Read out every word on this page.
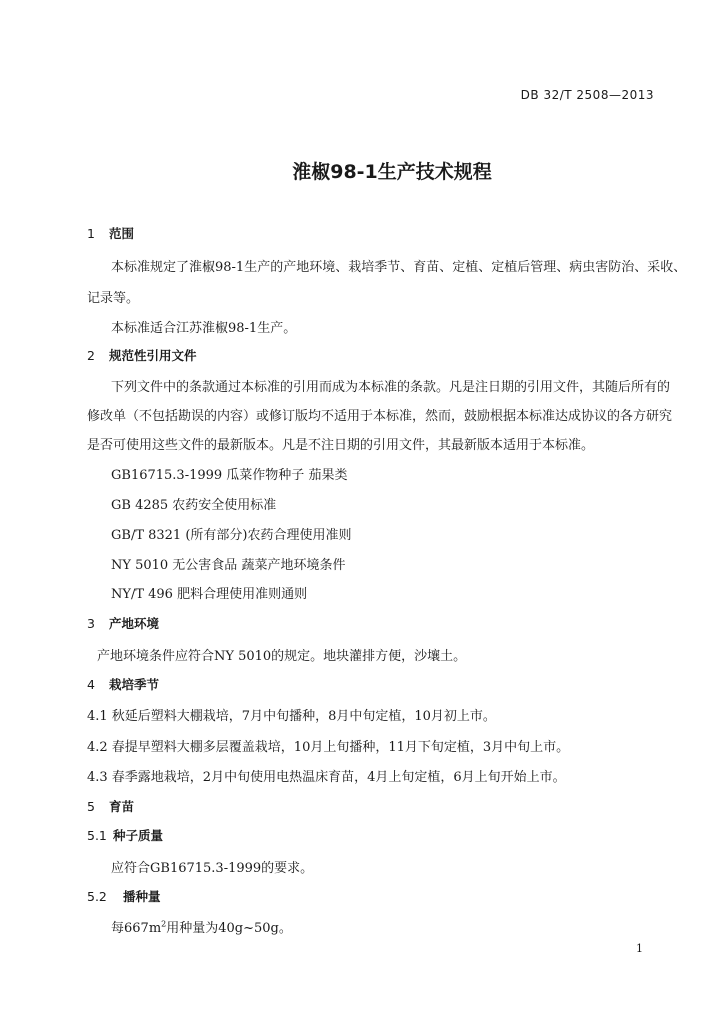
DB 32/T 2508—2013
淮椒98-1生产技术规程
1 范围
本标准规定了淮椒98-1生产的产地环境、栽培季节、育苗、定植、定植后管理、病虫害防治、采收、
记录等。
本标准适合江苏淮椒98-1生产。
2 规范性引用文件
下列文件中的条款通过本标准的引用而成为本标准的条款。凡是注日期的引用文件，其随后所有的
修改单（不包括勘误的内容）或修订版均不适用于本标准，然而，鼓励根据本标准达成协议的各方研究
是否可使用这些文件的最新版本。凡是不注日期的引用文件，其最新版本适用于本标准。
GB16715.3-1999 瓜菜作物种子 茄果类
GB 4285 农药安全使用标准
GB/T 8321 (所有部分)农药合理使用准则
NY 5010 无公害食品 蔬菜产地环境条件
NY/T 496 肥料合理使用准则通则
3 产地环境
产地环境条件应符合NY 5010的规定。地块灌排方便，沙壤土。
4 栽培季节
4.1 秋延后塑料大棚栽培，7月中旬播种，8月中旬定植，10月初上市。
4.2 春提早塑料大棚多层覆盖栽培，10月上旬播种，11月下旬定植，3月中旬上市。
4.3 春季露地栽培，2月中旬使用电热温床育苗，4月上旬定植，6月上旬开始上市。
5 育苗
5.1 种子质量
应符合GB16715.3-1999的要求。
5.2 播种量
每$667m^2$用种量为40g~50g。
1
